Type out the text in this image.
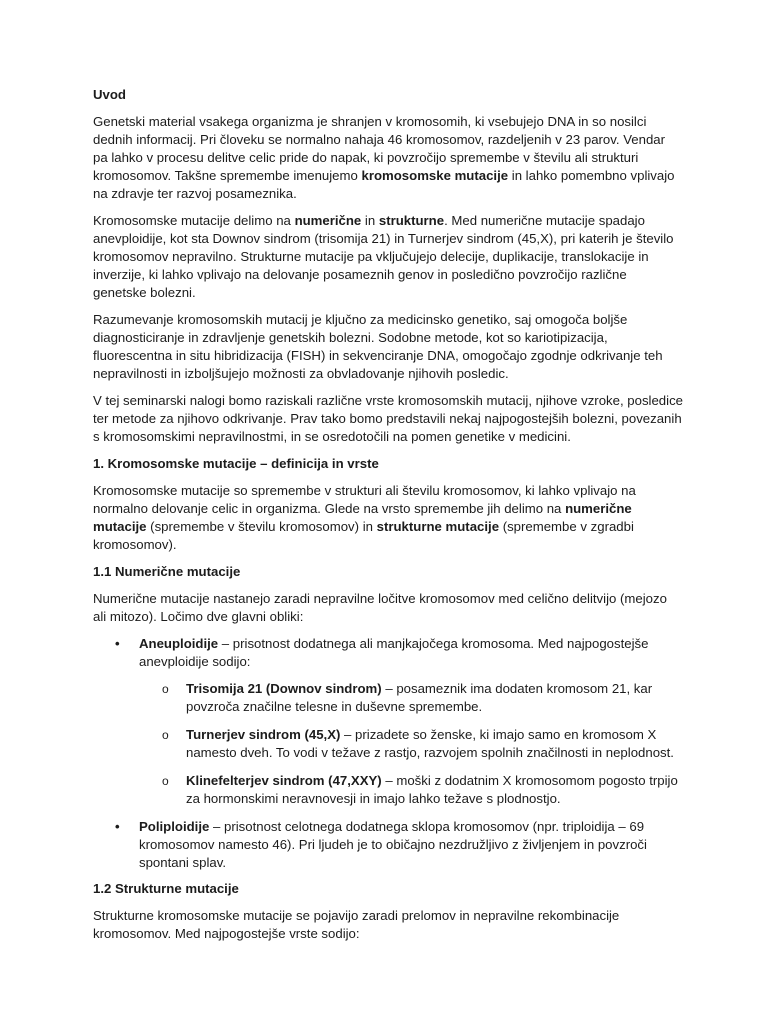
Uvod

Genetski material vsakega organizma je shranjen v kromosomih, ki vsebujejo DNA in so nosilci dednih informacij. Pri človeku se normalno nahaja 46 kromosomov, razdeljenih v 23 parov. Vendar pa lahko v procesu delitve celic pride do napak, ki povzročijo spremembe v številu ali strukturi kromosomov. Takšne spremembe imenujemo kromosomske mutacije in lahko pomembno vplivajo na zdravje ter razvoj posameznika.

Kromosomske mutacije delimo na numerične in strukturne. Med numerične mutacije spadajo anevploidije, kot sta Downov sindrom (trisomija 21) in Turnerjev sindrom (45,X), pri katerih je število kromosomov nepravilno. Strukturne mutacije pa vključujejo delecije, duplikacije, translokacije in inverzije, ki lahko vplivajo na delovanje posameznih genov in posledično povzročijo različne genetske bolezni.

Razumevanje kromosomskih mutacij je ključno za medicinsko genetiko, saj omogoča boljše diagnosticiranje in zdravljenje genetskih bolezni. Sodobne metode, kot so kariotipizacija, fluorescentna in situ hibridizacija (FISH) in sekvenciranje DNA, omogočajo zgodnje odkrivanje teh nepravilnosti in izboljšujejo možnosti za obvladovanje njihovih posledic.

V tej seminarski nalogi bomo raziskali različne vrste kromosomskih mutacij, njihove vzroke, posledice ter metode za njihovo odkrivanje. Prav tako bomo predstavili nekaj najpogostejših bolezni, povezanih s kromosomskimi nepravilnostmi, in se osredotočili na pomen genetike v medicini.

1. Kromosomske mutacije – definicija in vrste

Kromosomske mutacije so spremembe v strukturi ali številu kromosomov, ki lahko vplivajo na normalno delovanje celic in organizma. Glede na vrsto spremembe jih delimo na numerične mutacije (spremembe v številu kromosomov) in strukturne mutacije (spremembe v zgradbi kromosomov).

1.1 Numerične mutacije

Numerične mutacije nastanejo zaradi nepravilne ločitve kromosomov med celično delitvijo (mejozo ali mitozo). Ločimo dve glavni obliki:

• Aneuploidije – prisotnost dodatnega ali manjkajočega kromosoma. Med najpogostejše anevploidije sodijo:
o Trisomija 21 (Downov sindrom) – posameznik ima dodaten kromosom 21, kar povzroča značilne telesne in duševne spremembe.
o Turnerjev sindrom (45,X) – prizadete so ženske, ki imajo samo en kromosom X namesto dveh. To vodi v težave z rastjo, razvojem spolnih značilnosti in neplodnost.
o Klinefelterjev sindrom (47,XXY) – moški z dodatnim X kromosomom pogosto trpijo za hormonskimi neravnovesji in imajo lahko težave s plodnostjo.
• Poliploidije – prisotnost celotnega dodatnega sklopa kromosomov (npr. triploidija – 69 kromosomov namesto 46). Pri ljudeh je to običajno nezdružljivo z življenjem in povzroči spontani splav.
1.2 Strukturne mutacije

Strukturne kromosomske mutacije se pojavijo zaradi prelomov in nepravilne rekombinacije kromosomov. Med najpogostejše vrste sodijo:
